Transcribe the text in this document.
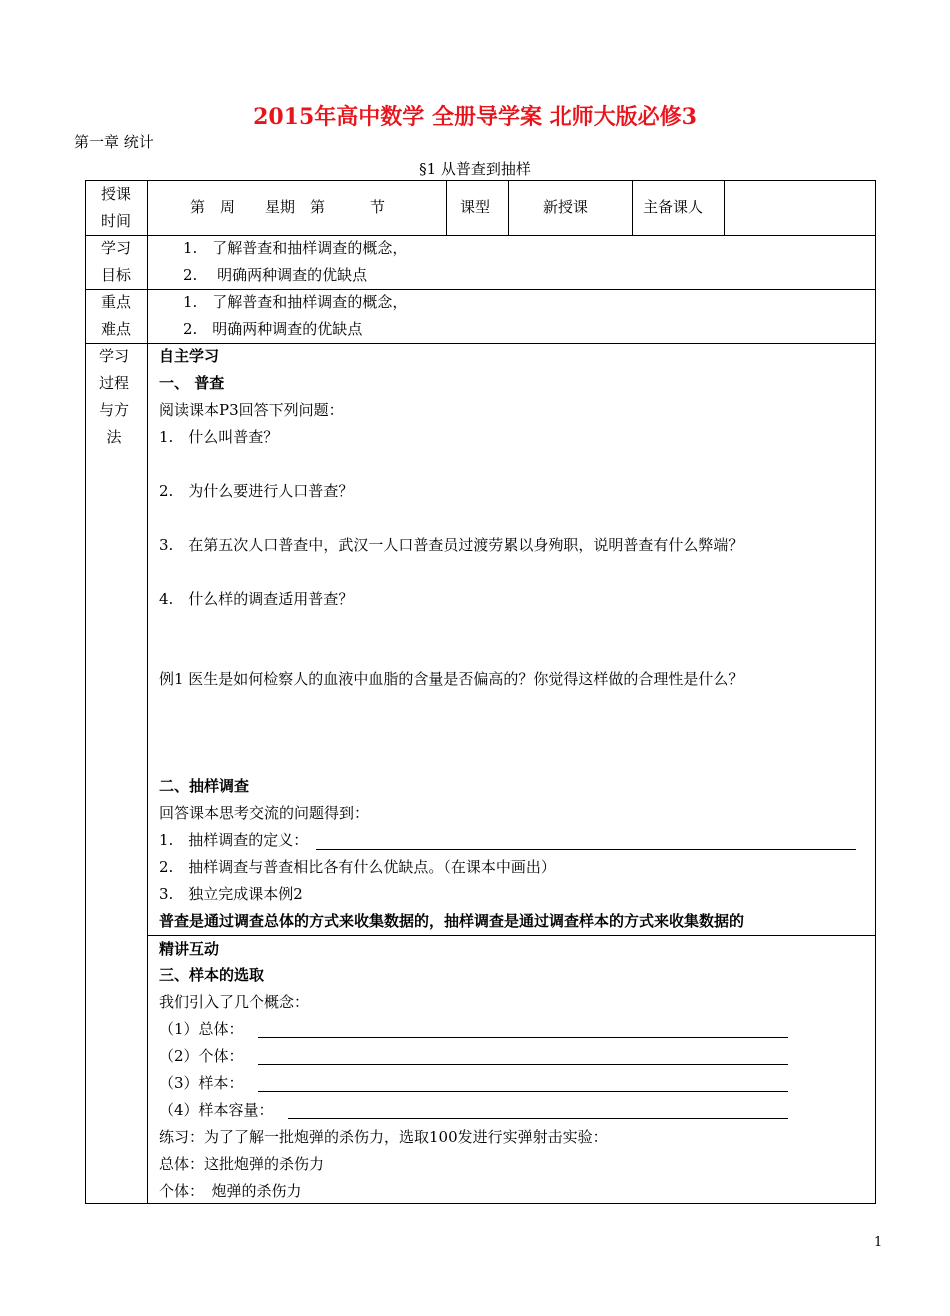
2015年高中数学 全册导学案 北师大版必修3
第一章 统计
§1 从普查到抽样
授课
时间
第　周　　星期　第　　　节	课型	新授课	主备课人
学习
目标
1.　了解普查和抽样调查的概念，
2.　 明确两种调查的优缺点
重点
难点
1.　了解普查和抽样调查的概念，
2.　明确两种调查的优缺点
学习
过程
与方
法
自主学习
一、 普查
阅读课本P3回答下列问题：
1.　什么叫普查？
2.　为什么要进行人口普查？
3.　在第五次人口普查中，武汉一人口普查员过渡劳累以身殉职，说明普查有什么弊端？
4.　什么样的调查适用普查？
例1 医生是如何检察人的血液中血脂的含量是否偏高的？你觉得这样做的合理性是什么？
二、抽样调查
回答课本思考交流的问题得到：
1.　抽样调查的定义：
2.　抽样调查与普查相比各有什么优缺点。（在课本中画出）
3.　独立完成课本例2
普查是通过调查总体的方式来收集数据的，抽样调查是通过调查样本的方式来收集数据的
精讲互动
三、样本的选取
我们引入了几个概念：
（1）总体：
（2）个体：
（3）样本：
（4）样本容量：
练习：为了了解一批炮弹的杀伤力，选取100发进行实弹射击实验：
总体：这批炮弹的杀伤力
个体：　炮弹的杀伤力
1
